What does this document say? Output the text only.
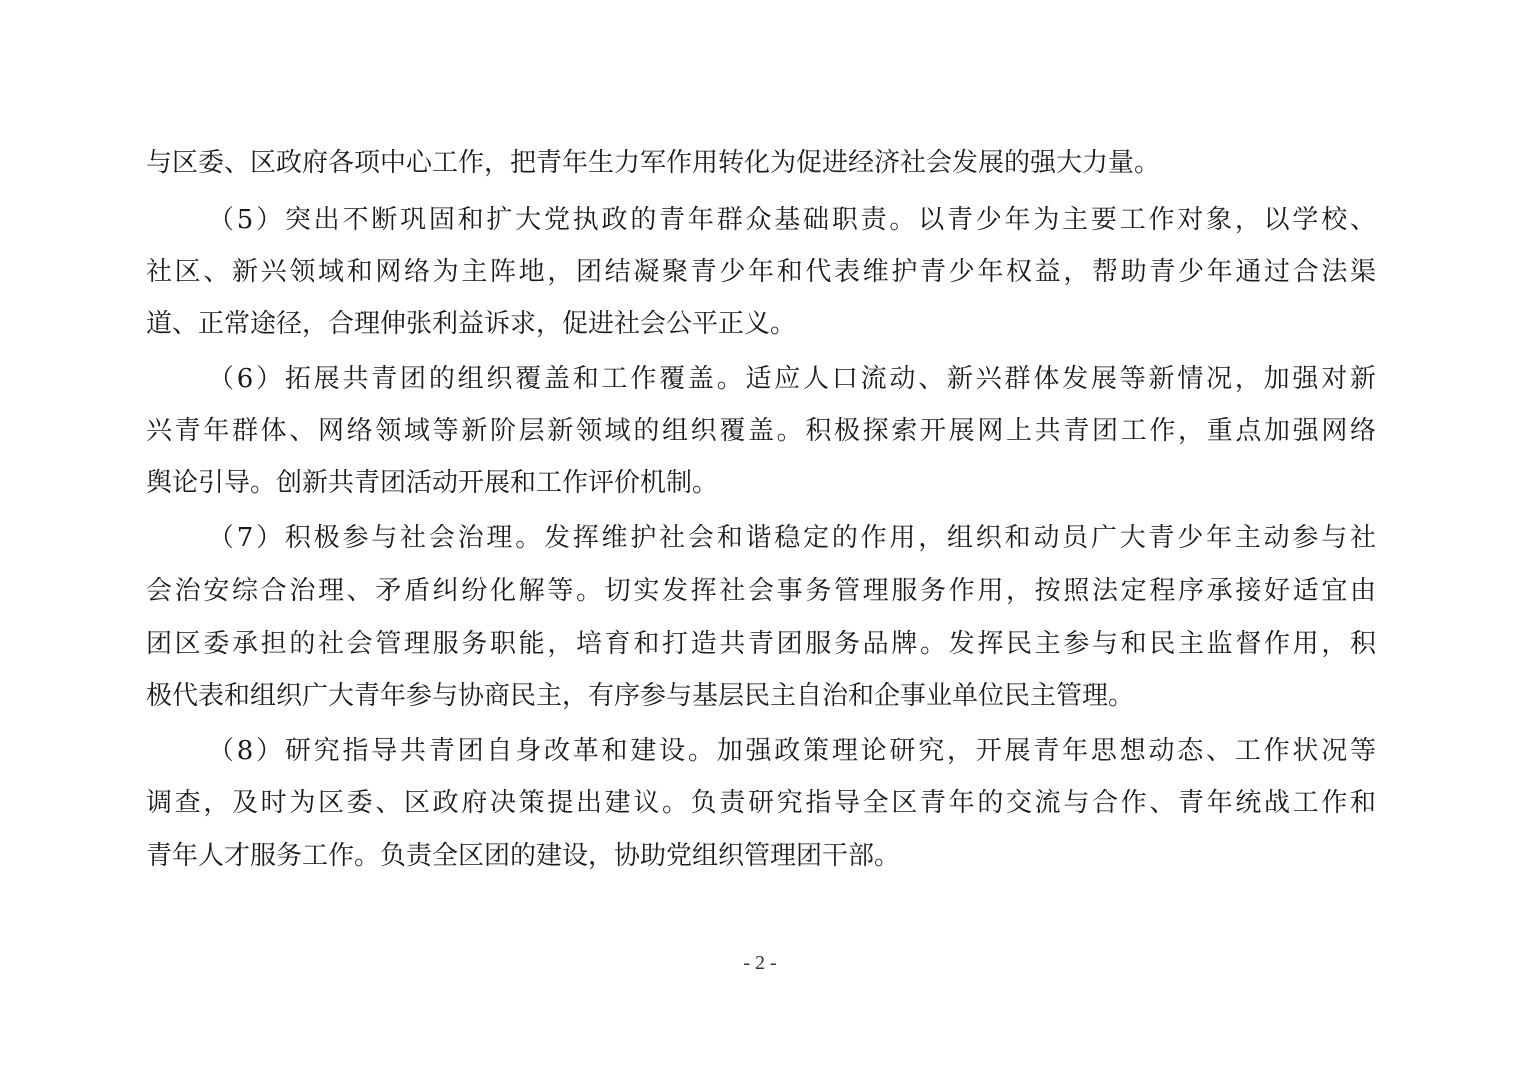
与区委、区政府各项中心工作，把青年生力军作用转化为促进经济社会发展的强大力量。
（5）突出不断巩固和扩大党执政的青年群众基础职责。以青少年为主要工作对象，以学校、
社区、新兴领域和网络为主阵地，团结凝聚青少年和代表维护青少年权益，帮助青少年通过合法渠
道、正常途径，合理伸张利益诉求，促进社会公平正义。
（6）拓展共青团的组织覆盖和工作覆盖。适应人口流动、新兴群体发展等新情况，加强对新
兴青年群体、网络领域等新阶层新领域的组织覆盖。积极探索开展网上共青团工作，重点加强网络
舆论引导。创新共青团活动开展和工作评价机制。
（7）积极参与社会治理。发挥维护社会和谐稳定的作用，组织和动员广大青少年主动参与社
会治安综合治理、矛盾纠纷化解等。切实发挥社会事务管理服务作用，按照法定程序承接好适宜由
团区委承担的社会管理服务职能，培育和打造共青团服务品牌。发挥民主参与和民主监督作用，积
极代表和组织广大青年参与协商民主，有序参与基层民主自治和企事业单位民主管理。
（8）研究指导共青团自身改革和建设。加强政策理论研究，开展青年思想动态、工作状况等
调查，及时为区委、区政府决策提出建议。负责研究指导全区青年的交流与合作、青年统战工作和
青年人才服务工作。负责全区团的建设，协助党组织管理团干部。
- 2 -
